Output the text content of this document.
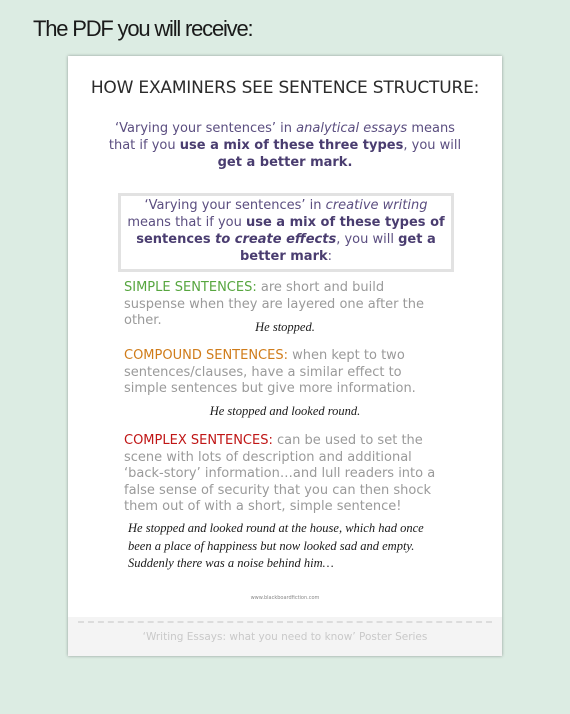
The PDF you will receive:
HOW EXAMINERS SEE SENTENCE STRUCTURE:
‘Varying your sentences’ in analytical essays means that if you use a mix of these three types, you will get a better mark.
‘Varying your sentences’ in creative writing means that if you use a mix of these types of sentences to create effects, you will get a better mark:
SIMPLE SENTENCES: are short and build suspense when they are layered one after the other.	He stopped.
COMPOUND SENTENCES: when kept to two sentences/clauses, have a similar effect to simple sentences but give more information.
He stopped and looked round.
COMPLEX SENTENCES: can be used to set the scene with lots of description and additional ‘back-story’ information…and lull readers into a false sense of security that you can then shock them out of with a short, simple sentence!
He stopped and looked round at the house, which had once been a place of happiness but now looked sad and empty. Suddenly there was a noise behind him…
www.blackboardfiction.com
‘Writing Essays: what you need to know’ Poster Series
